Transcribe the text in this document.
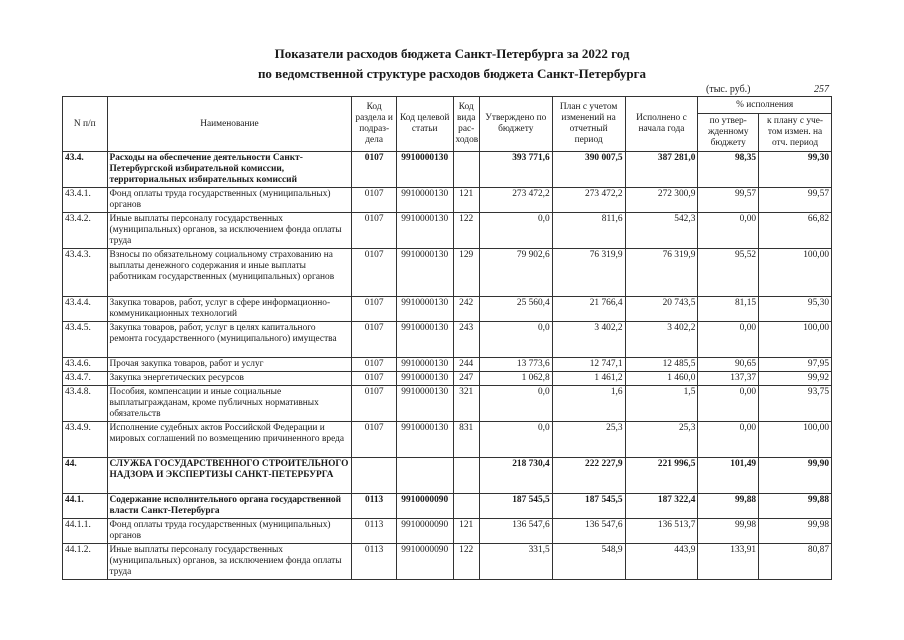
Показатели расходов бюджета Санкт-Петербурга за 2022 год
по ведомственной структуре расходов бюджета Санкт-Петербурга
(тыс. руб.)	257
N п/п	Наименование	Код раздела и подраз-дела	Код целевой статьи	Код вида рас-ходов	Утверждено по бюджету	План с учетом изменений на отчетный период	Исполнено с начала года	% исполнения	
								по утвер-жденному бюджету	к плану с уче-том измен. на отч. период
43.4.	Расходы на обеспечение деятельности Санкт-Петербургской избирательной комиссии, территориальных избирательных комиссий	0107	9910000130		393 771,6	390 007,5	387 281,0	98,35	99,30
43.4.1.	Фонд оплаты труда государственных (муниципальных) органов	0107	9910000130	121	273 472,2	273 472,2	272 300,9	99,57	99,57
43.4.2.	Иные выплаты персоналу государственных (муниципальных) органов, за исключением фонда оплаты труда	0107	9910000130	122	0,0	811,6	542,3	0,00	66,82
43.4.3.	Взносы по обязательному социальному страхованию на выплаты денежного содержания и иные выплаты работникам государственных (муниципальных) органов	0107	9910000130	129	79 902,6	76 319,9	76 319,9	95,52	100,00
43.4.4.	Закупка товаров, работ, услуг в сфере информационно-коммуникационных технологий	0107	9910000130	242	25 560,4	21 766,4	20 743,5	81,15	95,30
43.4.5.	Закупка товаров, работ, услуг в целях капитального ремонта государственного (муниципального) имущества	0107	9910000130	243	0,0	3 402,2	3 402,2	0,00	100,00
43.4.6.	Прочая закупка товаров, работ и услуг	0107	9910000130	244	13 773,6	12 747,1	12 485,5	90,65	97,95
43.4.7.	Закупка энергетических ресурсов	0107	9910000130	247	1 062,8	1 461,2	1 460,0	137,37	99,92
43.4.8.	Пособия, компенсации и иные социальные выплатыгражданам, кроме публичных нормативных обязательств	0107	9910000130	321	0,0	1,6	1,5	0,00	93,75
43.4.9.	Исполнение судебных актов Российской Федерации и мировых соглашений по возмещению причиненного вреда	0107	9910000130	831	0,0	25,3	25,3	0,00	100,00
44.	СЛУЖБА ГОСУДАРСТВЕННОГО СТРОИТЕЛЬНОГО НАДЗОРА И ЭКСПЕРТИЗЫ САНКТ-ПЕТЕРБУРГА				218 730,4	222 227,9	221 996,5	101,49	99,90
44.1.	Содержание исполнительного органа государственной власти Санкт-Петербурга	0113	9910000090		187 545,5	187 545,5	187 322,4	99,88	99,88
44.1.1.	Фонд оплаты труда государственных (муниципальных) органов	0113	9910000090	121	136 547,6	136 547,6	136 513,7	99,98	99,98
44.1.2.	Иные выплаты персоналу государственных (муниципальных) органов, за исключением фонда оплаты труда	0113	9910000090	122	331,5	548,9	443,9	133,91	80,87
